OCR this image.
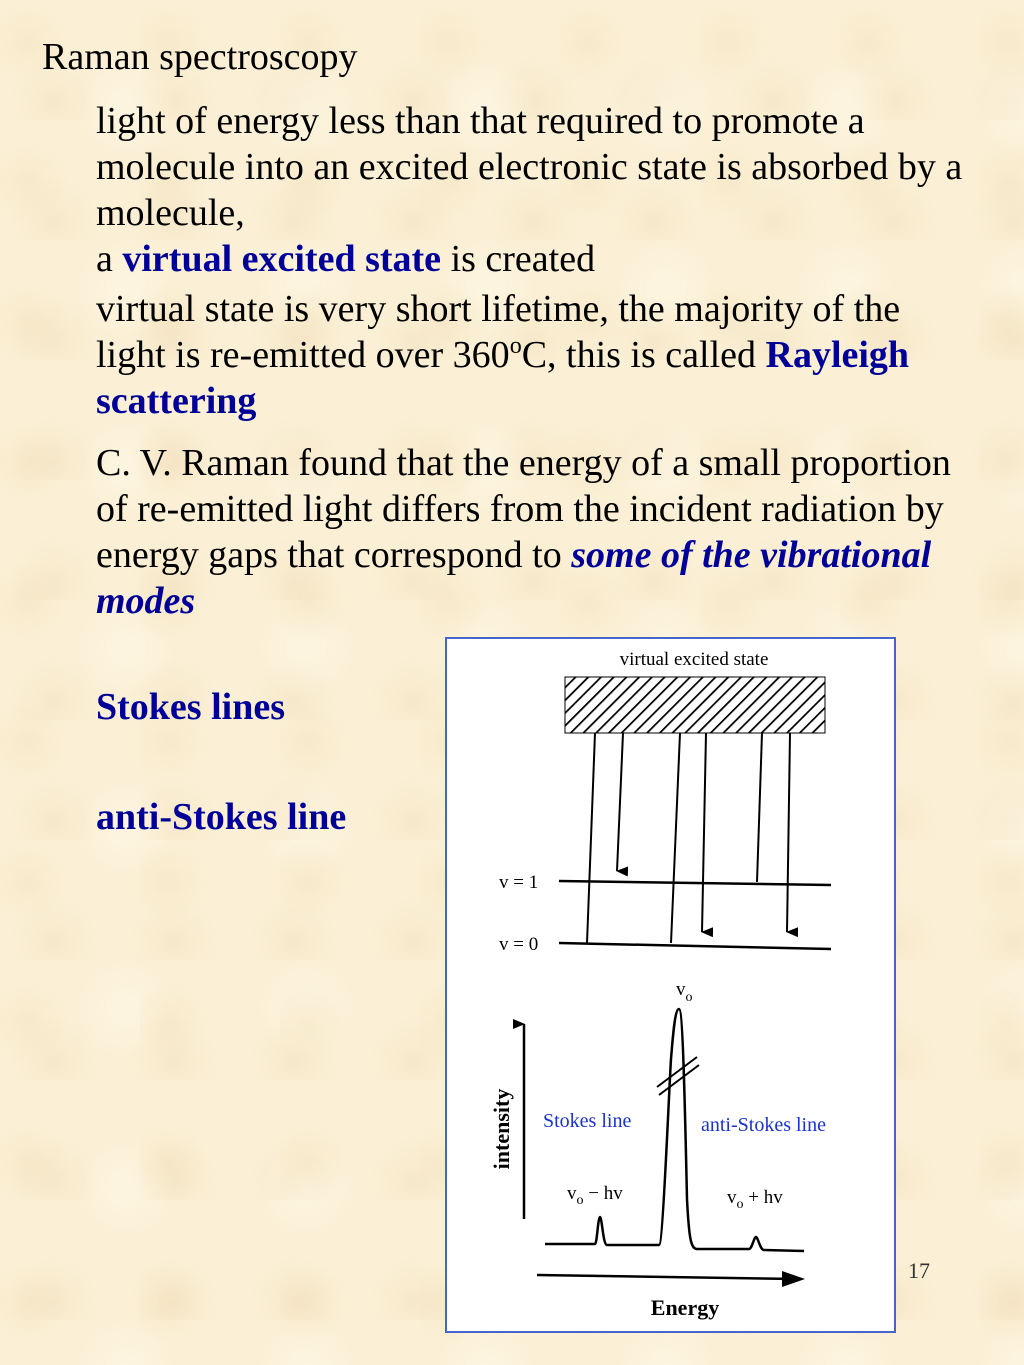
Raman spectroscopy
light of energy less than that required to promote a molecule into an excited electronic state is absorbed by a molecule,
a virtual excited state is created
virtual state is very short lifetime, the majority of the light is re-emitted over 360$^o$C, this is called Rayleigh scattering
C. V. Raman found that the energy of a small proportion of re-emitted light differs from the incident radiation by energy gaps that correspond to some of the vibrational modes
Stokes lines
anti-Stokes line
17
virtual excited state
v = 1
v = 0
$v_o$
intensity Stokes line	anti-Stokes line
$v_o$ − hv	$v_o$ + hv
Energy
